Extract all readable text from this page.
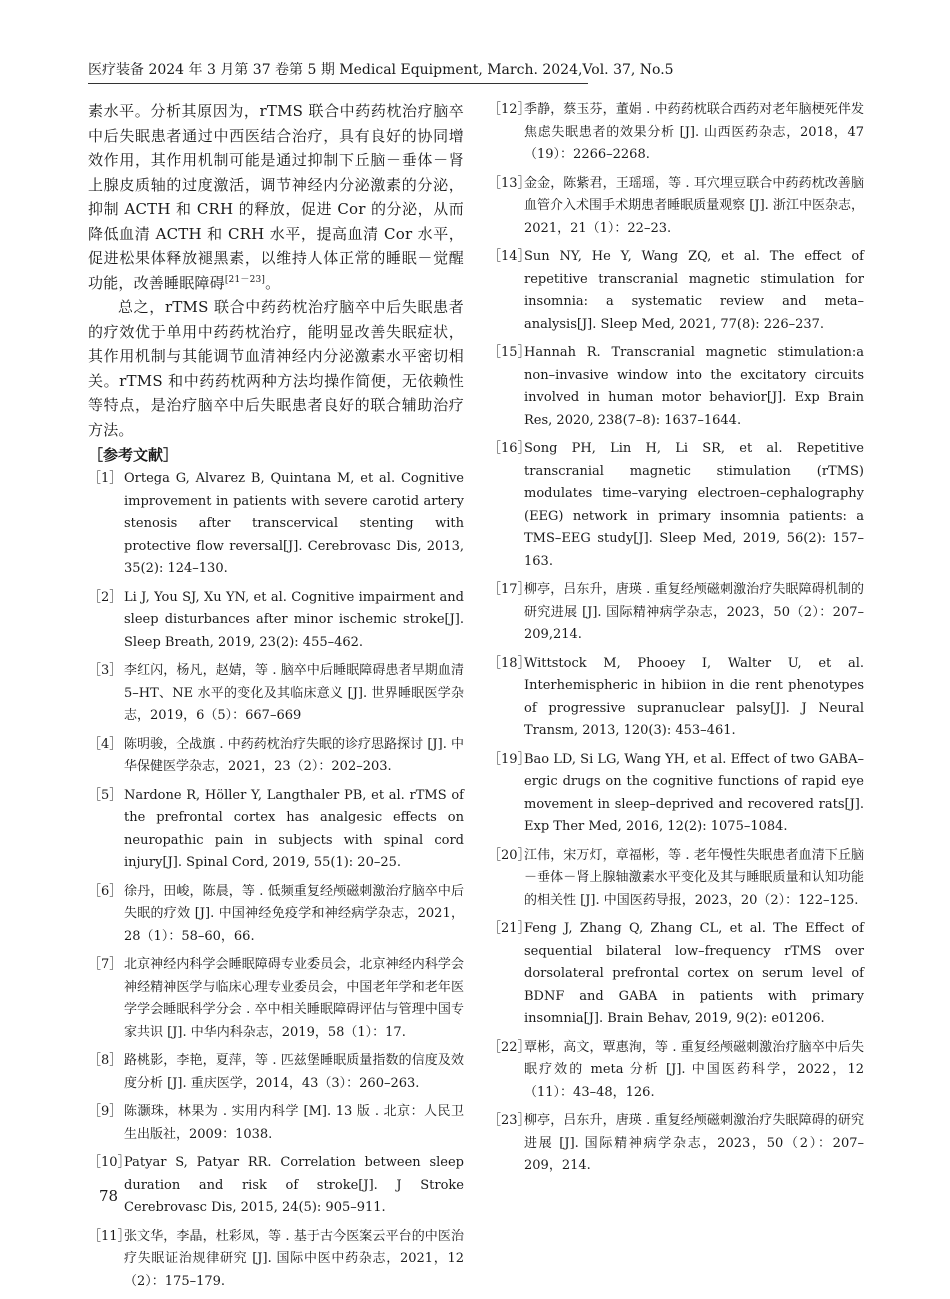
医疗装备 2024 年 3 月第 37 卷第 5 期 Medical Equipment, March. 2024,Vol. 37, No.5

素水平。分析其原因为，rTMS 联合中药药枕治疗脑卒中后失眠患者通过中西医结合治疗，具有良好的协同增效作用，其作用机制可能是通过抑制下丘脑－垂体－肾上腺皮质轴的过度激活，调节神经内分泌激素的分泌，抑制 ACTH 和 CRH 的释放，促进 Cor 的分泌，从而降低血清 ACTH 和 CRH 水平，提高血清 Cor 水平，促进松果体释放褪黑素，以维持人体正常的睡眠－觉醒功能，改善睡眠障碍[21－23]。

总之，rTMS 联合中药药枕治疗脑卒中后失眠患者的疗效优于单用中药药枕治疗，能明显改善失眠症状，其作用机制与其能调节血清神经内分泌激素水平密切相关。rTMS 和中药药枕两种方法均操作简便，无依赖性等特点，是治疗脑卒中后失眠患者良好的联合辅助治疗方法。

［参考文献］
［1］ Ortega G, Alvarez B, Quintana M, et al. Cognitive improvement in patients with severe carotid artery stenosis after transcervical stenting with protective flow reversal[J]. Cerebrovasc Dis, 2013, 35(2): 124–130.
［2］ Li J, You SJ, Xu YN, et al. Cognitive impairment and sleep disturbances after minor ischemic stroke[J]. Sleep Breath, 2019, 23(2): 455–462.
［3］ 李红闪，杨凡，赵婧，等 . 脑卒中后睡眠障碍患者早期血清 5–HT、NE 水平的变化及其临床意义 [J]. 世界睡眠医学杂志，2019，6（5）：667–669
［4］ 陈明骏，仝战旗 . 中药药枕治疗失眠的诊疗思路探讨 [J]. 中华保健医学杂志，2021，23（2）：202–203.
［5］ Nardone R, Höller Y, Langthaler PB, et al. rTMS of the prefrontal cortex has analgesic effects on neuropathic pain in subjects with spinal cord injury[J]. Spinal Cord, 2019, 55(1): 20–25.
［6］ 徐丹，田峻，陈晨，等 . 低频重复经颅磁刺激治疗脑卒中后失眠的疗效 [J]. 中国神经免疫学和神经病学杂志，2021，28（1）：58–60，66.
［7］ 北京神经内科学会睡眠障碍专业委员会，北京神经内科学会神经精神医学与临床心理专业委员会，中国老年学和老年医学学会睡眠科学分会 . 卒中相关睡眠障碍评估与管理中国专家共识 [J]. 中华内科杂志，2019，58（1）：17.
［8］ 路桃影，李艳，夏萍，等 . 匹兹堡睡眠质量指数的信度及效度分析 [J]. 重庆医学，2014，43（3）：260–263.
［9］ 陈灏珠，林果为 . 实用内科学 [M]. 13 版 . 北京：人民卫生出版社，2009：1038.
［10］
Patyar S, Patyar RR. Correlation between sleep duration and risk of stroke[J]. J Stroke Cerebrovasc Dis, 2015, 24(5): 905–911.
［11］
张文华，李晶，杜彩凤，等 . 基于古今医案云平台的中医治疗失眠证治规律研究 [J]. 国际中医中药杂志，2021，12（2）：175–179.
［12］
季静，蔡玉芬，董娟 . 中药药枕联合西药对老年脑梗死伴发焦虑失眠患者的效果分析 [J]. 山西医药杂志，2018，47（19）：2266–2268.
［13］
金金，陈紫君，王瑶瑶，等 . 耳穴埋豆联合中药药枕改善脑血管介入术围手术期患者睡眠质量观察 [J]. 浙江中医杂志，2021，21（1）：22–23.
［14］
Sun NY, He Y, Wang ZQ, et al. The effect of repetitive transcranial magnetic stimulation for insomnia: a systematic review and meta–analysis[J]. Sleep Med, 2021, 77(8): 226–237.
［15］
Hannah R. Transcranial magnetic stimulation:a non–invasive window into the excitatory circuits involved in human motor behavior[J]. Exp Brain Res, 2020, 238(7–8): 1637–1644.
［16］
Song PH, Lin H, Li SR, et al. Repetitive transcranial magnetic stimulation (rTMS) modulates time–varying electroen–cephalography (EEG) network in primary insomnia patients: a TMS–EEG study[J]. Sleep Med, 2019, 56(2): 157–163.
［17］
柳亭，吕东升，唐瑛 . 重复经颅磁刺激治疗失眠障碍机制的研究进展 [J]. 国际精神病学杂志，2023，50（2）：207–209,214.
［18］
Wittstock M, Phooey I, Walter U, et al. Interhemispheric in hibiion in die rent phenotypes of progressive supranuclear palsy[J]. J Neural Transm, 2013, 120(3): 453–461.
［19］
Bao LD, Si LG, Wang YH, et al. Effect of two GABA–ergic drugs on the cognitive functions of rapid eye movement in sleep–deprived and recovered rats[J]. Exp Ther Med, 2016, 12(2): 1075–1084.
［20］
江伟，宋万灯，章福彬，等 . 老年慢性失眠患者血清下丘脑－垂体－肾上腺轴激素水平变化及其与睡眠质量和认知功能的相关性 [J]. 中国医药导报，2023，20（2）：122–125.
［21］
Feng J, Zhang Q, Zhang CL, et al. The Effect of sequential bilateral low–frequency rTMS over dorsolateral prefrontal cortex on serum level of BDNF and GABA in patients with primary insomnia[J]. Brain Behav, 2019, 9(2): e01206.
［22］
覃彬，高文，覃惠洵，等 . 重复经颅磁刺激治疗脑卒中后失眠疗效的 meta 分析 [J]. 中国医药科学，2022，12（11）：43–48，126.
［23］
柳亭，吕东升，唐瑛 . 重复经颅磁刺激治疗失眠障碍的研究进展 [J]. 国际精神病学杂志，2023，50（2）：207–209，214.
78
